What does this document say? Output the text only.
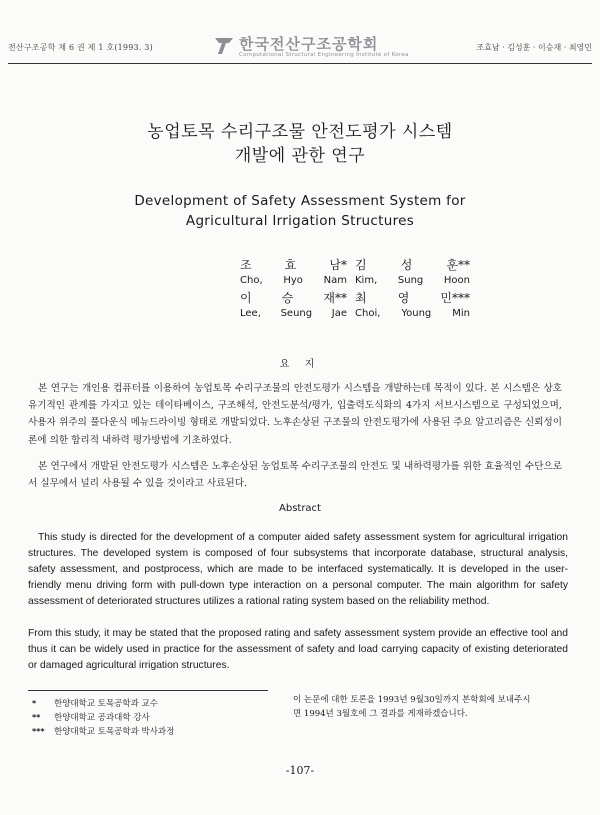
전산구조공학 제 6 권 제 1 호(1993. 3)	한국전산구조공학회
Computational Structural Engineering Institute of Korea
조효남 · 김성훈 · 이승재 · 최영민
농업토목 수리구조물 안전도평가 시스템
개발에 관한 연구
Development of Safety Assessment System for
Agricultural Irrigation Structures
조	효	남* 김	성	훈**
Cho, Hyo Nam Kim, Sung Hoon
이	승	재** 최	영	민***
Lee, Seung Jae Choi, Young Min
요 지
본 연구는 개인용 컴퓨터를 이용하여 농업토목 수리구조물의 안전도평가 시스템을 개발하는데 목적이 있다. 본 시스템은 상호 유기적인 관계를 가지고 있는 데이타베이스, 구조해석, 안전도분석/평가, 입출력도식화의 4가지 서브시스템으로 구성되었으며, 사용자 위주의 풀다운식 메뉴드라이빙 형태로 개발되었다. 노후손상된 구조물의 안전도평가에 사용된 주요 알고리즘은 신뢰성이론에 의한 합리적 내하력 평가방법에 기초하였다.
본 연구에서 개발된 안전도평가 시스템은 노후손상된 농업토목 수리구조물의 안전도 및 내하력평가를 위한 효율적인 수단으로서 실무에서 널리 사용될 수 있을 것이라고 사료된다.
Abstract
This study is directed for the development of a computer aided safety assessment system for agricultural irrigation structures. The developed system is composed of four subsystems that incorporate database, structural analysis, safety assessment, and postprocess, which are made to be interfaced systematically. It is developed in the user-friendly menu driving form with pull-down type interaction on a personal computer. The main algorithm for safety assessment of deteriorated structures utilizes a rational rating system based on the reliability method.
From this study, it may be stated that the proposed rating and safety assessment system provide an effective tool and thus it can be widely used in practice for the assessment of safety and load carrying capacity of existing deteriorated or damaged agricultural irrigation structures.
* 한양대학교 토목공학과 교수
** 한양대학교 공과대학 강사
*** 한양대학교 토목공학과 박사과정
이 논문에 대한 토론을 1993년 9월30일까지 본학회에 보내주시
면 1994년 3월호에 그 결과를 게재하겠습니다.
-107-
